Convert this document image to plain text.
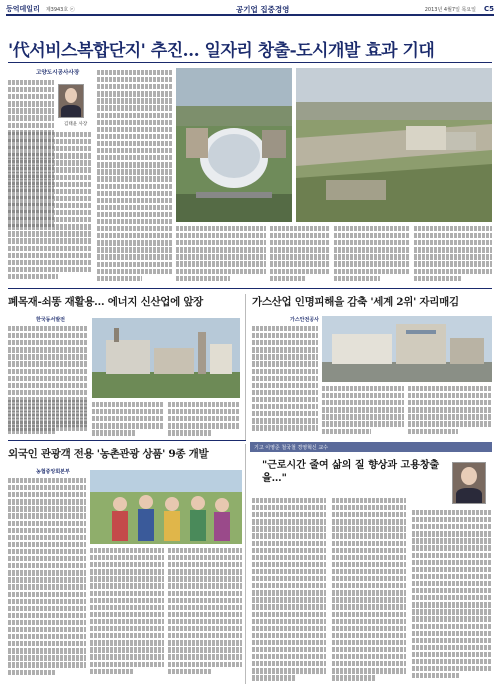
등억데일리 제3943호 ⓔ	공기업 집중경영	2013년 4월7일 목요일 C5
'代서비스복합단지' 추진… 일자리 창출-도시개발 효과 기대
고양도시공사사장
김태윤 사장
폐목재-쇠똥 재활용… 에너지 신산업에 앞장
한국동서발전
가스산업 인명피해을 감축 '세계 2위' 자리매김
가스안전공사
외국인 관광객 전용 '농촌관광 상품' 9종 개발
농협중앙회본부
기고 이영준 철국철 경영혁신 교수
"근로시간 줄여 삶의 질 향상과 고용창출을…"
